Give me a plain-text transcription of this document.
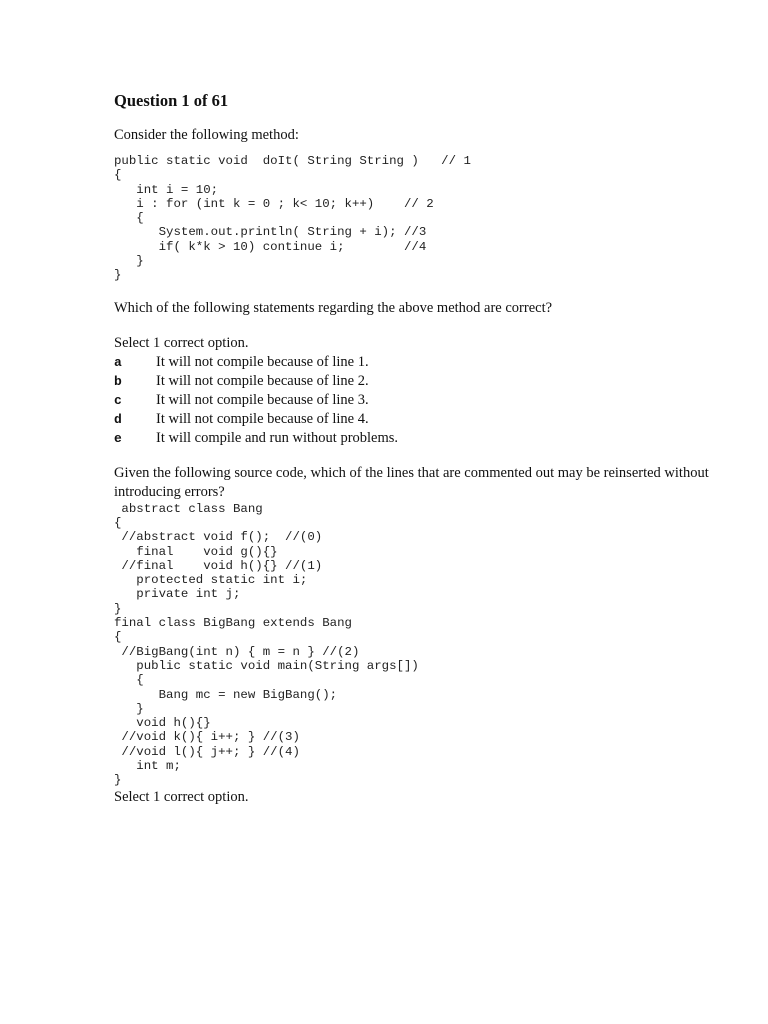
Question 1 of 61

Consider the following method:

public static void  doIt( String String )   // 1
{
int i = 10;
i : for (int k = 0 ; k< 10; k++)    // 2
{
System.out.println( String + i); //3
if( k*k > 10) continue i;        //4
}
}

Which of the following statements regarding the above method are correct?

Select 1 correct option.

a	It will not compile because of line 1.
b	It will not compile because of line 2.
c	It will not compile because of line 3.
d	It will not compile because of line 4.
e	It will compile and run without problems.

Given the following source code, which of the lines that are commented out may be reinserted without introducing errors?

abstract class Bang
{
//abstract void f();  //(0)
final    void g(){}
//final    void h(){} //(1)
protected static int i;
private int j;
}
final class BigBang extends Bang
{
//BigBang(int n) { m = n } //(2)
public static void main(String args[])
{
Bang mc = new BigBang();
}
void h(){}
//void k(){ i++; } //(3)
//void l(){ j++; } //(4)
int m;
}

Select 1 correct option.
